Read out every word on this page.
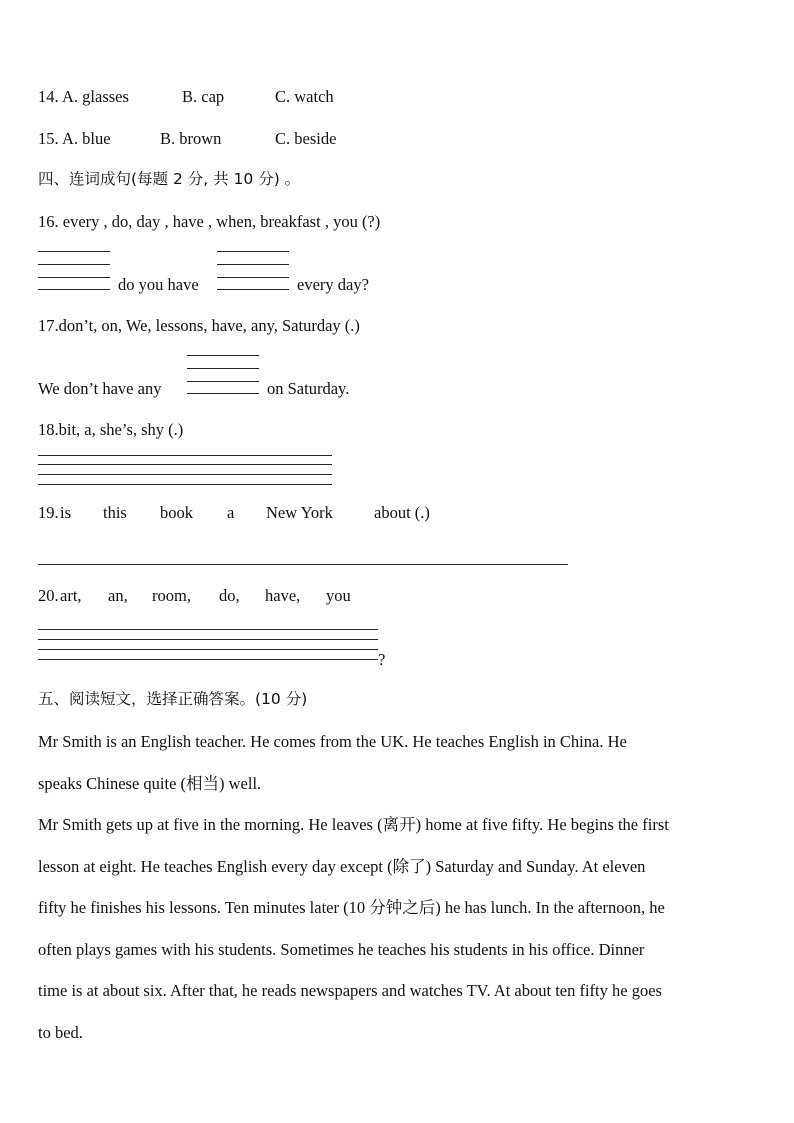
14. A. glasses	B. cap	C. watch
15. A. blue	B. brown	C. beside
四、连词成句(每题 2 分, 共 10 分) 。
16. every , do, day , have , when, breakfast , you (?)
do you have	every day?
17.don’t, on, We, lessons, have, any, Saturday (.)
We don’t have any	on Saturday.
18.bit, a, she’s, shy (.)
19. is this book a New York about (.)
20. art, an, room, do, have, you
?
五、阅读短文，选择正确答案。(10 分)
Mr Smith is an English teacher. He comes from the UK. He teaches English in China. He
speaks Chinese quite (相当) well.
Mr Smith gets up at five in the morning. He leaves (离开) home at five fifty. He begins the first
lesson at eight. He teaches English every day except (除了) Saturday and Sunday. At eleven
fifty he finishes his lessons. Ten minutes later (10 分钟之后) he has lunch. In the afternoon, he
often plays games with his students. Sometimes he teaches his students in his office. Dinner
time is at about six. After that, he reads newspapers and watches TV. At about ten fifty he goes
to bed.
